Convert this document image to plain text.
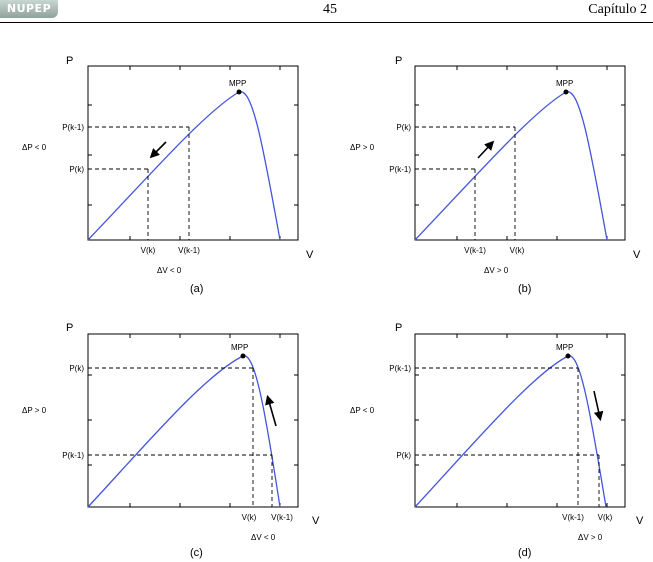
NUPEP	45	Capítulo 2
P
V
MPP
P(k-1)
P(k)
ΔP < 0
V(k)	V(k-1)
ΔV < 0
(a)
P
V
MPP
P(k)
P(k-1)
ΔP > 0
V(k-1)	V(k)
ΔV > 0
(b)
P
V
MPP
P(k)
P(k-1)
ΔP > 0
V(k) V(k-1)
ΔV < 0
(c)
P
V
MPP
P(k-1)
P(k)
ΔP < 0
V(k-1) V(k)
ΔV > 0
(d)
